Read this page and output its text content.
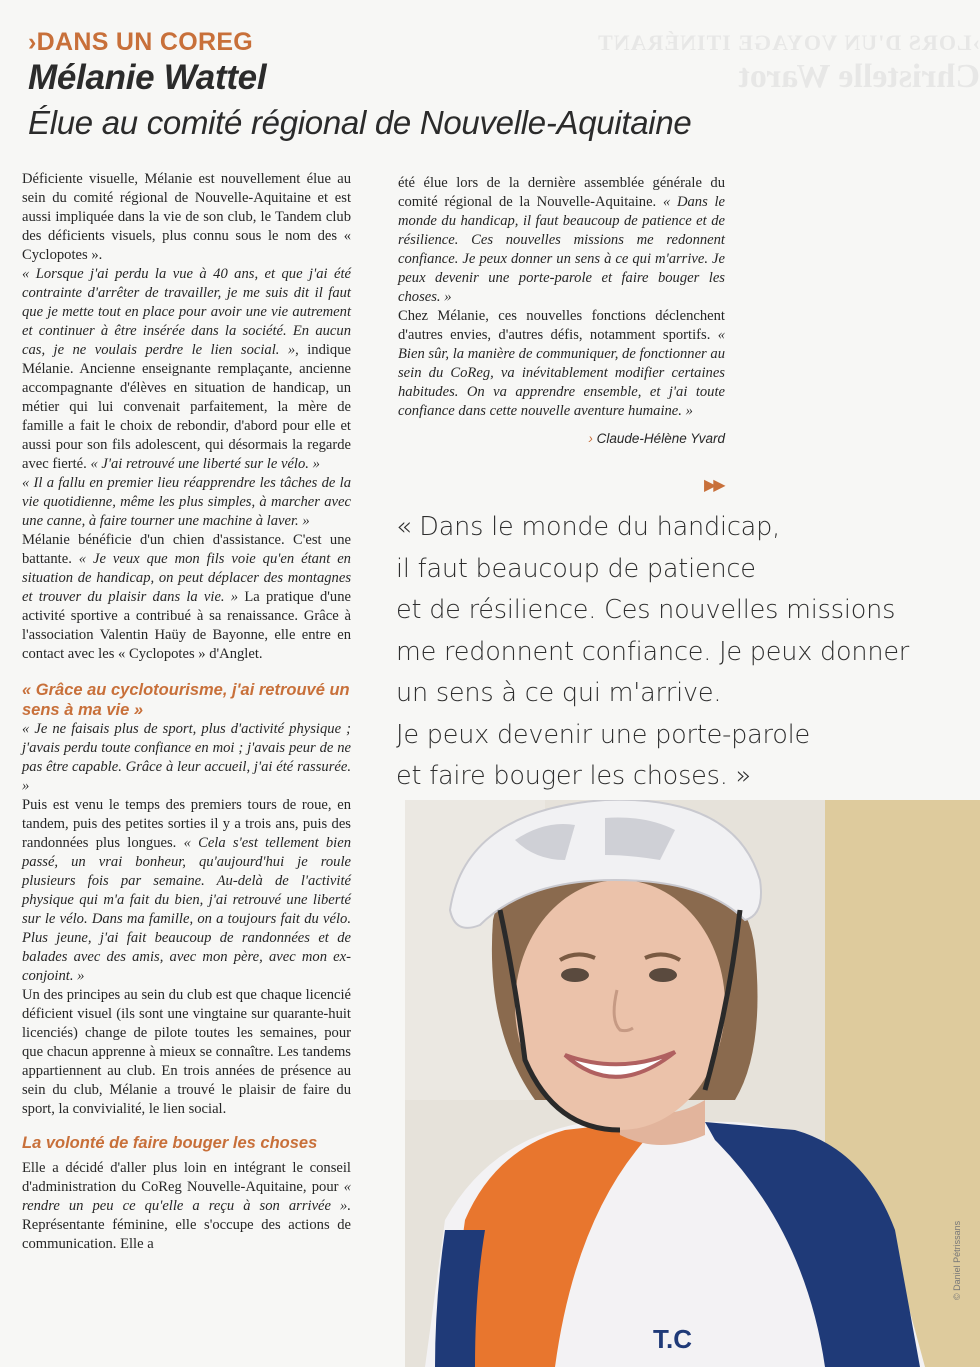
›LORS D'UN VOYAGE ITINÉRANT
Christelle Warot
›DANS UN COREG
Mélanie Wattel
Élue au comité régional de Nouvelle-Aquitaine

Déficiente visuelle, Mélanie est nouvellement élue au sein du comité régional de Nouvelle-Aquitaine et est aussi impliquée dans la vie de son club, le Tandem club des déficients visuels, plus connu sous le nom des « Cyclopotes ».

« Lorsque j'ai perdu la vue à 40 ans, et que j'ai été contrainte d'arrêter de travailler, je me suis dit il faut que je mette tout en place pour avoir une vie autrement et continuer à être insérée dans la société. En aucun cas, je ne voulais perdre le lien social. », indique Mélanie. Ancienne enseignante remplaçante, ancienne accompagnante d'élèves en situation de handicap, un métier qui lui convenait parfaitement, la mère de famille a fait le choix de rebondir, d'abord pour elle et aussi pour son fils adolescent, qui désormais la regarde avec fierté. « J'ai retrouvé une liberté sur le vélo. »

« Il a fallu en premier lieu réapprendre les tâches de la vie quotidienne, même les plus simples, à marcher avec une canne, à faire tourner une machine à laver. »

Mélanie bénéficie d'un chien d'assistance. C'est une battante. « Je veux que mon fils voie qu'en étant en situation de handicap, on peut déplacer des montagnes et trouver du plaisir dans la vie. » La pratique d'une activité sportive a contribué à sa renaissance. Grâce à l'association Valentin Haüy de Bayonne, elle entre en contact avec les « Cyclopotes » d'Anglet.

« Grâce au cyclotourisme, j'ai retrouvé un sens à ma vie »

« Je ne faisais plus de sport, plus d'activité physique ; j'avais perdu toute confiance en moi ; j'avais peur de ne pas être capable. Grâce à leur accueil, j'ai été rassurée. »

Puis est venu le temps des premiers tours de roue, en tandem, puis des petites sorties il y a trois ans, puis des randonnées plus longues. « Cela s'est tellement bien passé, un vrai bonheur, qu'aujourd'hui je roule plusieurs fois par semaine. Au-delà de l'activité physique qui m'a fait du bien, j'ai retrouvé une liberté sur le vélo. Dans ma famille, on a toujours fait du vélo. Plus jeune, j'ai fait beaucoup de randonnées et de balades avec des amis, avec mon père, avec mon ex-conjoint. »

Un des principes au sein du club est que chaque licencié déficient visuel (ils sont une vingtaine sur quarante-huit licenciés) change de pilote toutes les semaines, pour que chacun apprenne à mieux se connaître. Les tandems appartiennent au club. En trois années de présence au sein du club, Mélanie a trouvé le plaisir de faire du sport, la convivialité, le lien social.

La volonté de faire bouger les choses

Elle a décidé d'aller plus loin en intégrant le conseil d'administration du CoReg Nouvelle-Aquitaine, pour « rendre un peu ce qu'elle a reçu à son arrivée ». Représentante féminine, elle s'occupe des actions de communication. Elle a

été élue lors de la dernière assemblée générale du comité régional de la Nouvelle-Aquitaine. « Dans le monde du handicap, il faut beaucoup de patience et de résilience. Ces nouvelles missions me redonnent confiance. Je peux donner un sens à ce qui m'arrive. Je peux devenir une porte-parole et faire bouger les choses. »

Chez Mélanie, ces nouvelles fonctions déclenchent d'autres envies, d'autres défis, notamment sportifs. « Bien sûr, la manière de communiquer, de fonctionner au sein du CoReg, va inévitablement modifier certaines habitudes. On va apprendre ensemble, et j'ai toute confiance dans cette nouvelle aventure humaine. »

› Claude-Hélène Yvard

▶▶
« Dans le monde du handicap,
il faut beaucoup de patience
et de résilience. Ces nouvelles missions
me redonnent confiance. Je peux donner
un sens à ce qui m'arrive.
Je peux devenir une porte-parole
et faire bouger les choses. »
T.C
© Daniel Pétrissans
